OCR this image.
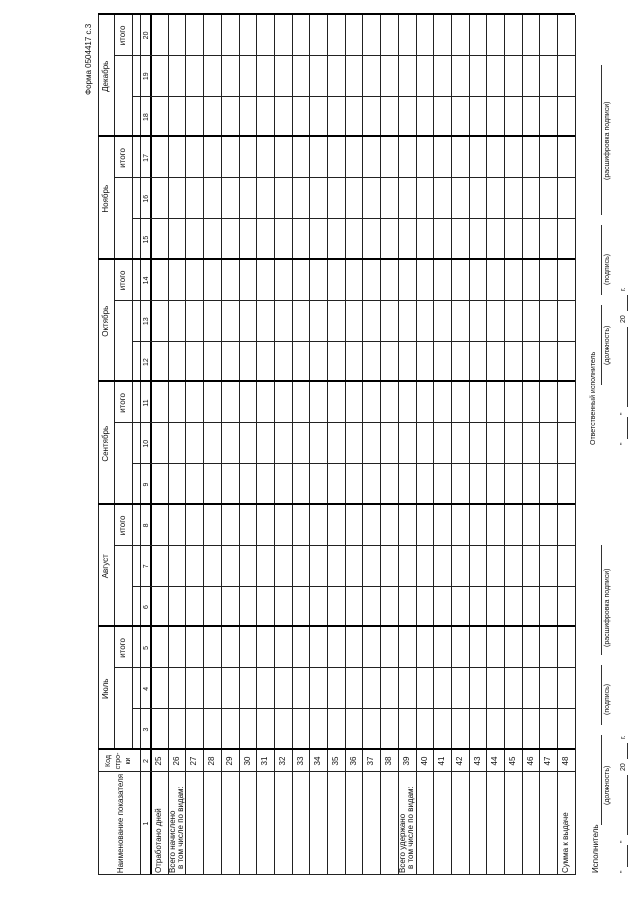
Форма 0504417 с.3
Наименование показателя
Код стро- ки
1
2
Июль
итого
3
4
5
Август
итого
6
7
8
Сентябрь
итого
9
10
11
Октябрь
итого
12
13
14
Ноябрь
итого
15
16
17
Декабрь
итого
18
19
20
Отработано дней
25
Всего начислено в том числе по видам:
26 27 28 29 30 31 32 33 34 35 36 37 38
Всего удержано в том числе по видам:
39 40 41 42 43 44 45 46 47
Сумма к выдаче
48
Исполнитель
(должность)
(подпись)
(расшифровка подписи)
"
"
20
г.
Ответственный исполнитель
(должность)
(подпись)
(расшифровка подписи)
"
"
20
г.
